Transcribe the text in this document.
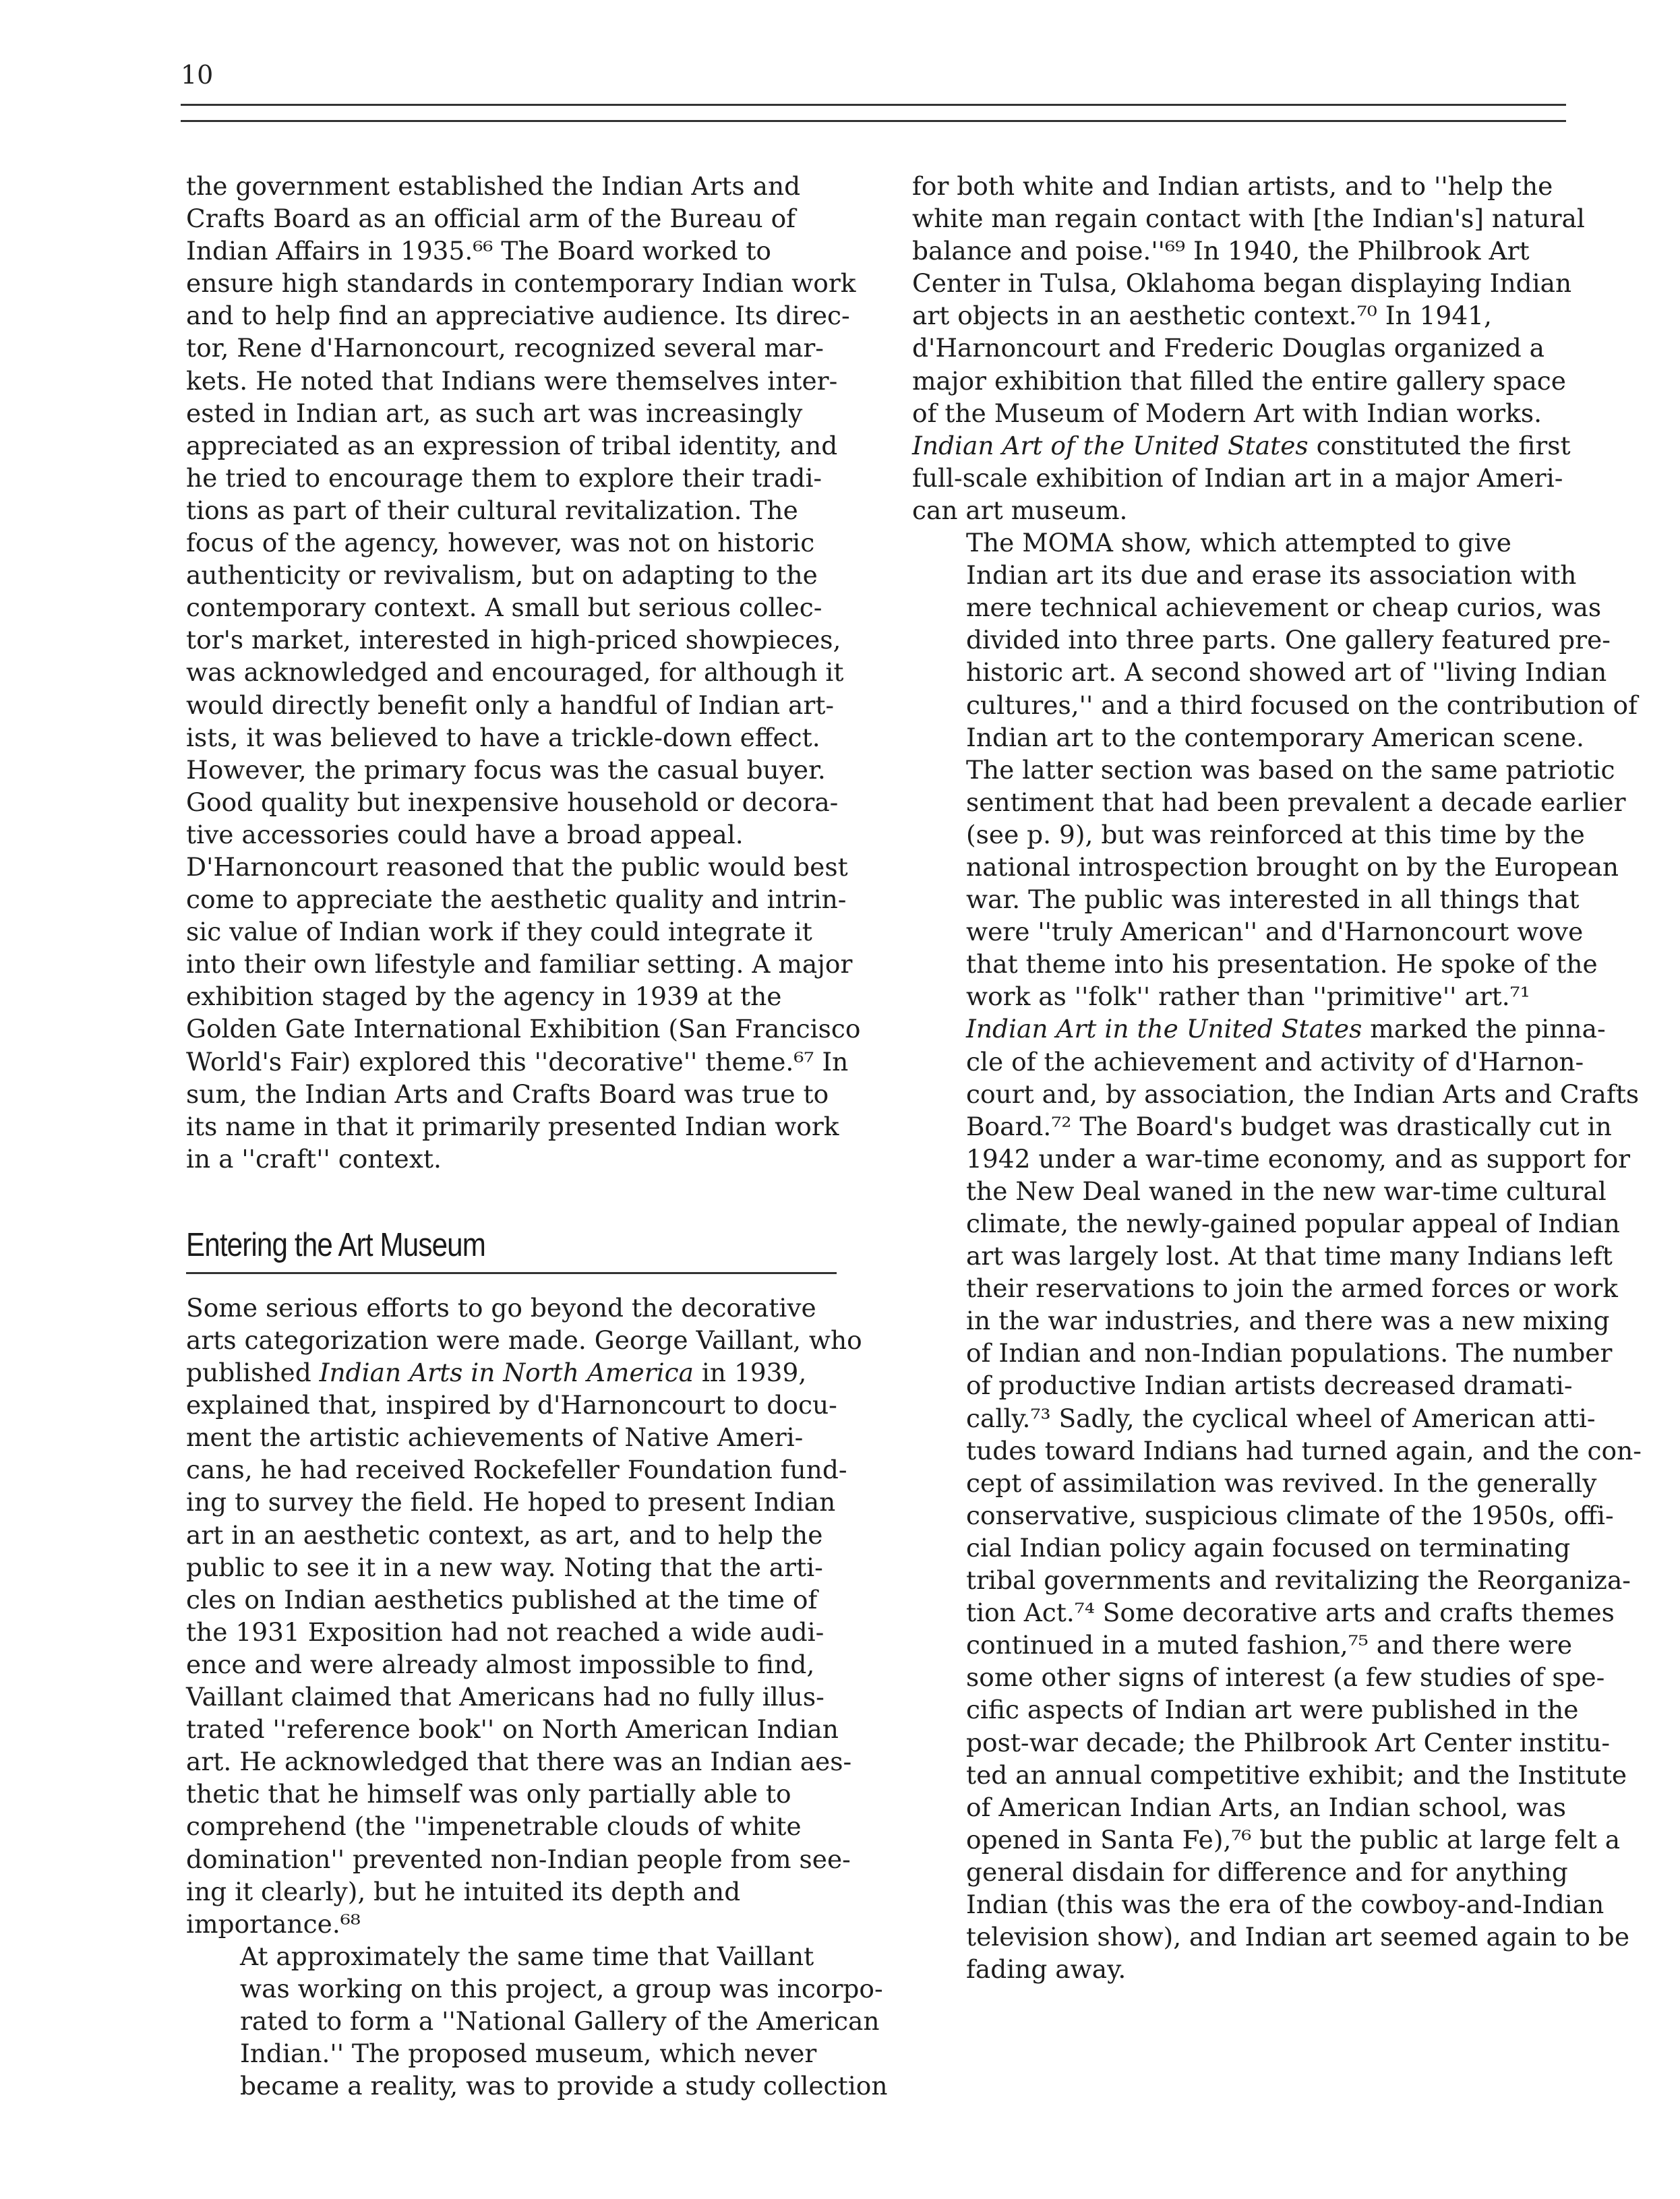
10

the government established the Indian Arts and
Crafts Board as an official arm of the Bureau of
Indian Affairs in 1935.⁶⁶ The Board worked to
ensure high standards in contemporary Indian work
and to help find an appreciative audience. Its direc-
tor, Rene d'Harnoncourt, recognized several mar-
kets. He noted that Indians were themselves inter-
ested in Indian art, as such art was increasingly
appreciated as an expression of tribal identity, and
he tried to encourage them to explore their tradi-
tions as part of their cultural revitalization. The
focus of the agency, however, was not on historic
authenticity or revivalism, but on adapting to the
contemporary context. A small but serious collec-
tor's market, interested in high-priced showpieces,
was acknowledged and encouraged, for although it
would directly benefit only a handful of Indian art-
ists, it was believed to have a trickle-down effect.
However, the primary focus was the casual buyer.
Good quality but inexpensive household or decora-
tive accessories could have a broad appeal.
D'Harnoncourt reasoned that the public would best
come to appreciate the aesthetic quality and intrin-
sic value of Indian work if they could integrate it
into their own lifestyle and familiar setting. A major
exhibition staged by the agency in 1939 at the
Golden Gate International Exhibition (San Francisco
World's Fair) explored this ''decorative'' theme.⁶⁷ In
sum, the Indian Arts and Crafts Board was true to
its name in that it primarily presented Indian work
in a ''craft'' context.

Entering the Art Museum

Some serious efforts to go beyond the decorative
arts categorization were made. George Vaillant, who
published Indian Arts in North America in 1939,
explained that, inspired by d'Harnoncourt to docu-
ment the artistic achievements of Native Ameri-
cans, he had received Rockefeller Foundation fund-
ing to survey the field. He hoped to present Indian
art in an aesthetic context, as art, and to help the
public to see it in a new way. Noting that the arti-
cles on Indian aesthetics published at the time of
the 1931 Exposition had not reached a wide audi-
ence and were already almost impossible to find,
Vaillant claimed that Americans had no fully illus-
trated ''reference book'' on North American Indian
art. He acknowledged that there was an Indian aes-
thetic that he himself was only partially able to
comprehend (the ''impenetrable clouds of white
domination'' prevented non-Indian people from see-
ing it clearly), but he intuited its depth and
importance.⁶⁸

At approximately the same time that Vaillant
was working on this project, a group was incorpo-
rated to form a ''National Gallery of the American
Indian.'' The proposed museum, which never
became a reality, was to provide a study collection

for both white and Indian artists, and to ''help the
white man regain contact with [the Indian's] natural
balance and poise.''⁶⁹ In 1940, the Philbrook Art
Center in Tulsa, Oklahoma began displaying Indian
art objects in an aesthetic context.⁷⁰ In 1941,
d'Harnoncourt and Frederic Douglas organized a
major exhibition that filled the entire gallery space
of the Museum of Modern Art with Indian works.
Indian Art of the United States constituted the first
full-scale exhibition of Indian art in a major Ameri-
can art museum.

The MOMA show, which attempted to give
Indian art its due and erase its association with
mere technical achievement or cheap curios, was
divided into three parts. One gallery featured pre-
historic art. A second showed art of ''living Indian
cultures,'' and a third focused on the contribution of
Indian art to the contemporary American scene.
The latter section was based on the same patriotic
sentiment that had been prevalent a decade earlier
(see p. 9), but was reinforced at this time by the
national introspection brought on by the European
war. The public was interested in all things that
were ''truly American'' and d'Harnoncourt wove
that theme into his presentation. He spoke of the
work as ''folk'' rather than ''primitive'' art.⁷¹

Indian Art in the United States marked the pinna-
cle of the achievement and activity of d'Harnon-
court and, by association, the Indian Arts and Crafts
Board.⁷² The Board's budget was drastically cut in
1942 under a war-time economy, and as support for
the New Deal waned in the new war-time cultural
climate, the newly-gained popular appeal of Indian
art was largely lost. At that time many Indians left
their reservations to join the armed forces or work
in the war industries, and there was a new mixing
of Indian and non-Indian populations. The number
of productive Indian artists decreased dramati-
cally.⁷³ Sadly, the cyclical wheel of American atti-
tudes toward Indians had turned again, and the con-
cept of assimilation was revived. In the generally
conservative, suspicious climate of the 1950s, offi-
cial Indian policy again focused on terminating
tribal governments and revitalizing the Reorganiza-
tion Act.⁷⁴ Some decorative arts and crafts themes
continued in a muted fashion,⁷⁵ and there were
some other signs of interest (a few studies of spe-
cific aspects of Indian art were published in the
post-war decade; the Philbrook Art Center institu-
ted an annual competitive exhibit; and the Institute
of American Indian Arts, an Indian school, was
opened in Santa Fe),⁷⁶ but the public at large felt a
general disdain for difference and for anything
Indian (this was the era of the cowboy-and-Indian
television show), and Indian art seemed again to be
fading away.
